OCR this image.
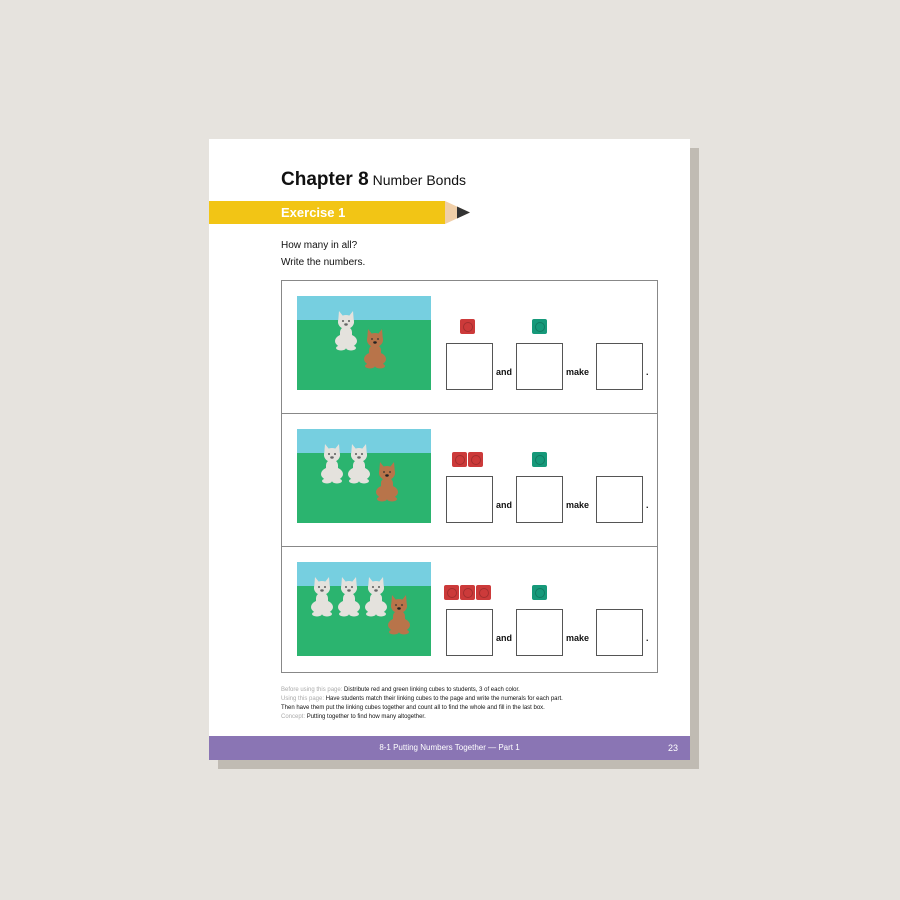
Chapter 8 Number Bonds
Exercise 1
How many in all?
Write the numbers.
and	make	.
and	make	.
and	make	.
Before using this page: Distribute red and green linking cubes to students, 3 of each color.
Using this page: Have students match their linking cubes to the page and write the numerals for each part.
Then have them put the linking cubes together and count all to find the whole and fill in the last box.
Concept: Putting together to find how many altogether.
8-1 Putting Numbers Together — Part 1	23
